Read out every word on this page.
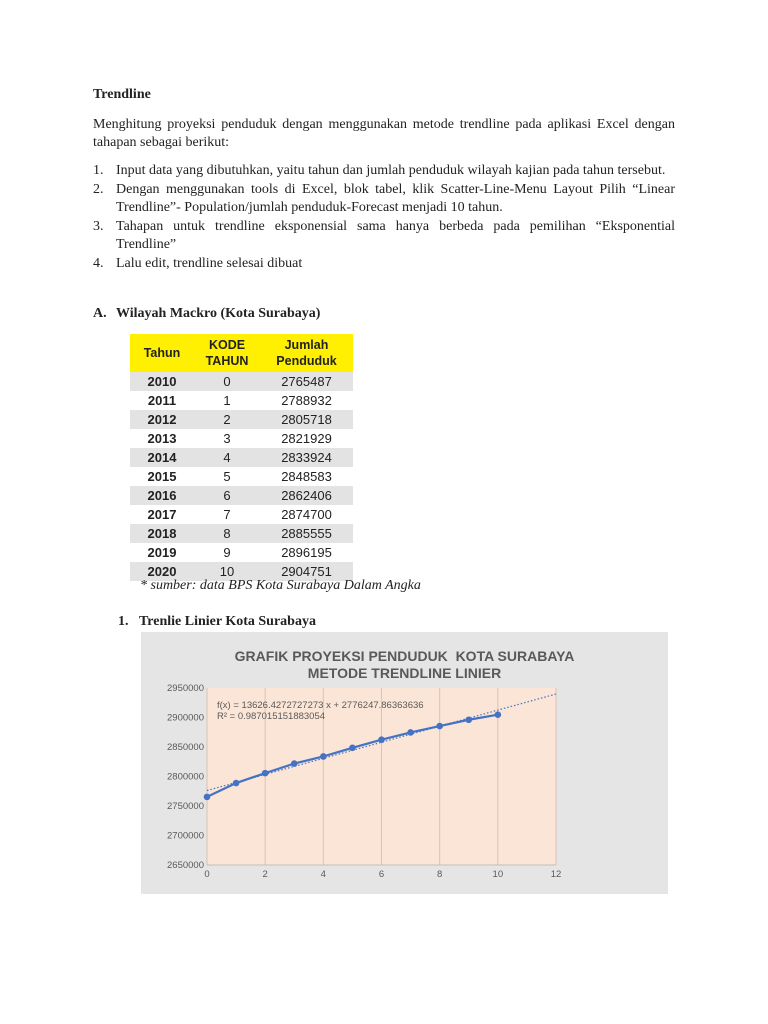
Trendline
Menghitung proyeksi penduduk dengan menggunakan metode trendline pada aplikasi Excel dengan tahapan sebagai berikut:
1. Input data yang dibutuhkan, yaitu tahun dan jumlah penduduk wilayah kajian pada tahun tersebut.
2. Dengan menggunakan tools di Excel, blok tabel, klik Scatter-Line-Menu Layout Pilih “Linear Trendline”- Population/jumlah penduduk-Forecast menjadi 10 tahun.
3. Tahapan untuk trendline eksponensial sama hanya berbeda pada pemilihan “Eksponential Trendline”
4. Lalu edit, trendline selesai dibuat
A. Wilayah Mackro (Kota Surabaya)
Tahun	KODE TAHUN	Jumlah Penduduk
2010	0	2765487
2011	1	2788932
2012	2	2805718
2013	3	2821929
2014	4	2833924
2015	5	2848583
2016	6	2862406
2017	7	2874700
2018	8	2885555
2019	9	2896195
2020	10	2904751
* sumber: data BPS Kota Surabaya Dalam Angka
1. Trenlie Linier Kota Surabaya
2650000
2700000
2750000
2800000
2850000
2900000
2950000
0	2	4	6	8	10	12
f(x) = 13626.4272727273 x + 2776247.86363636
R² = 0.987015151883054
GRAFIK PROYEKSI PENDUDUK  KOTA SURABAYA
METODE TRENDLINE LINIER
